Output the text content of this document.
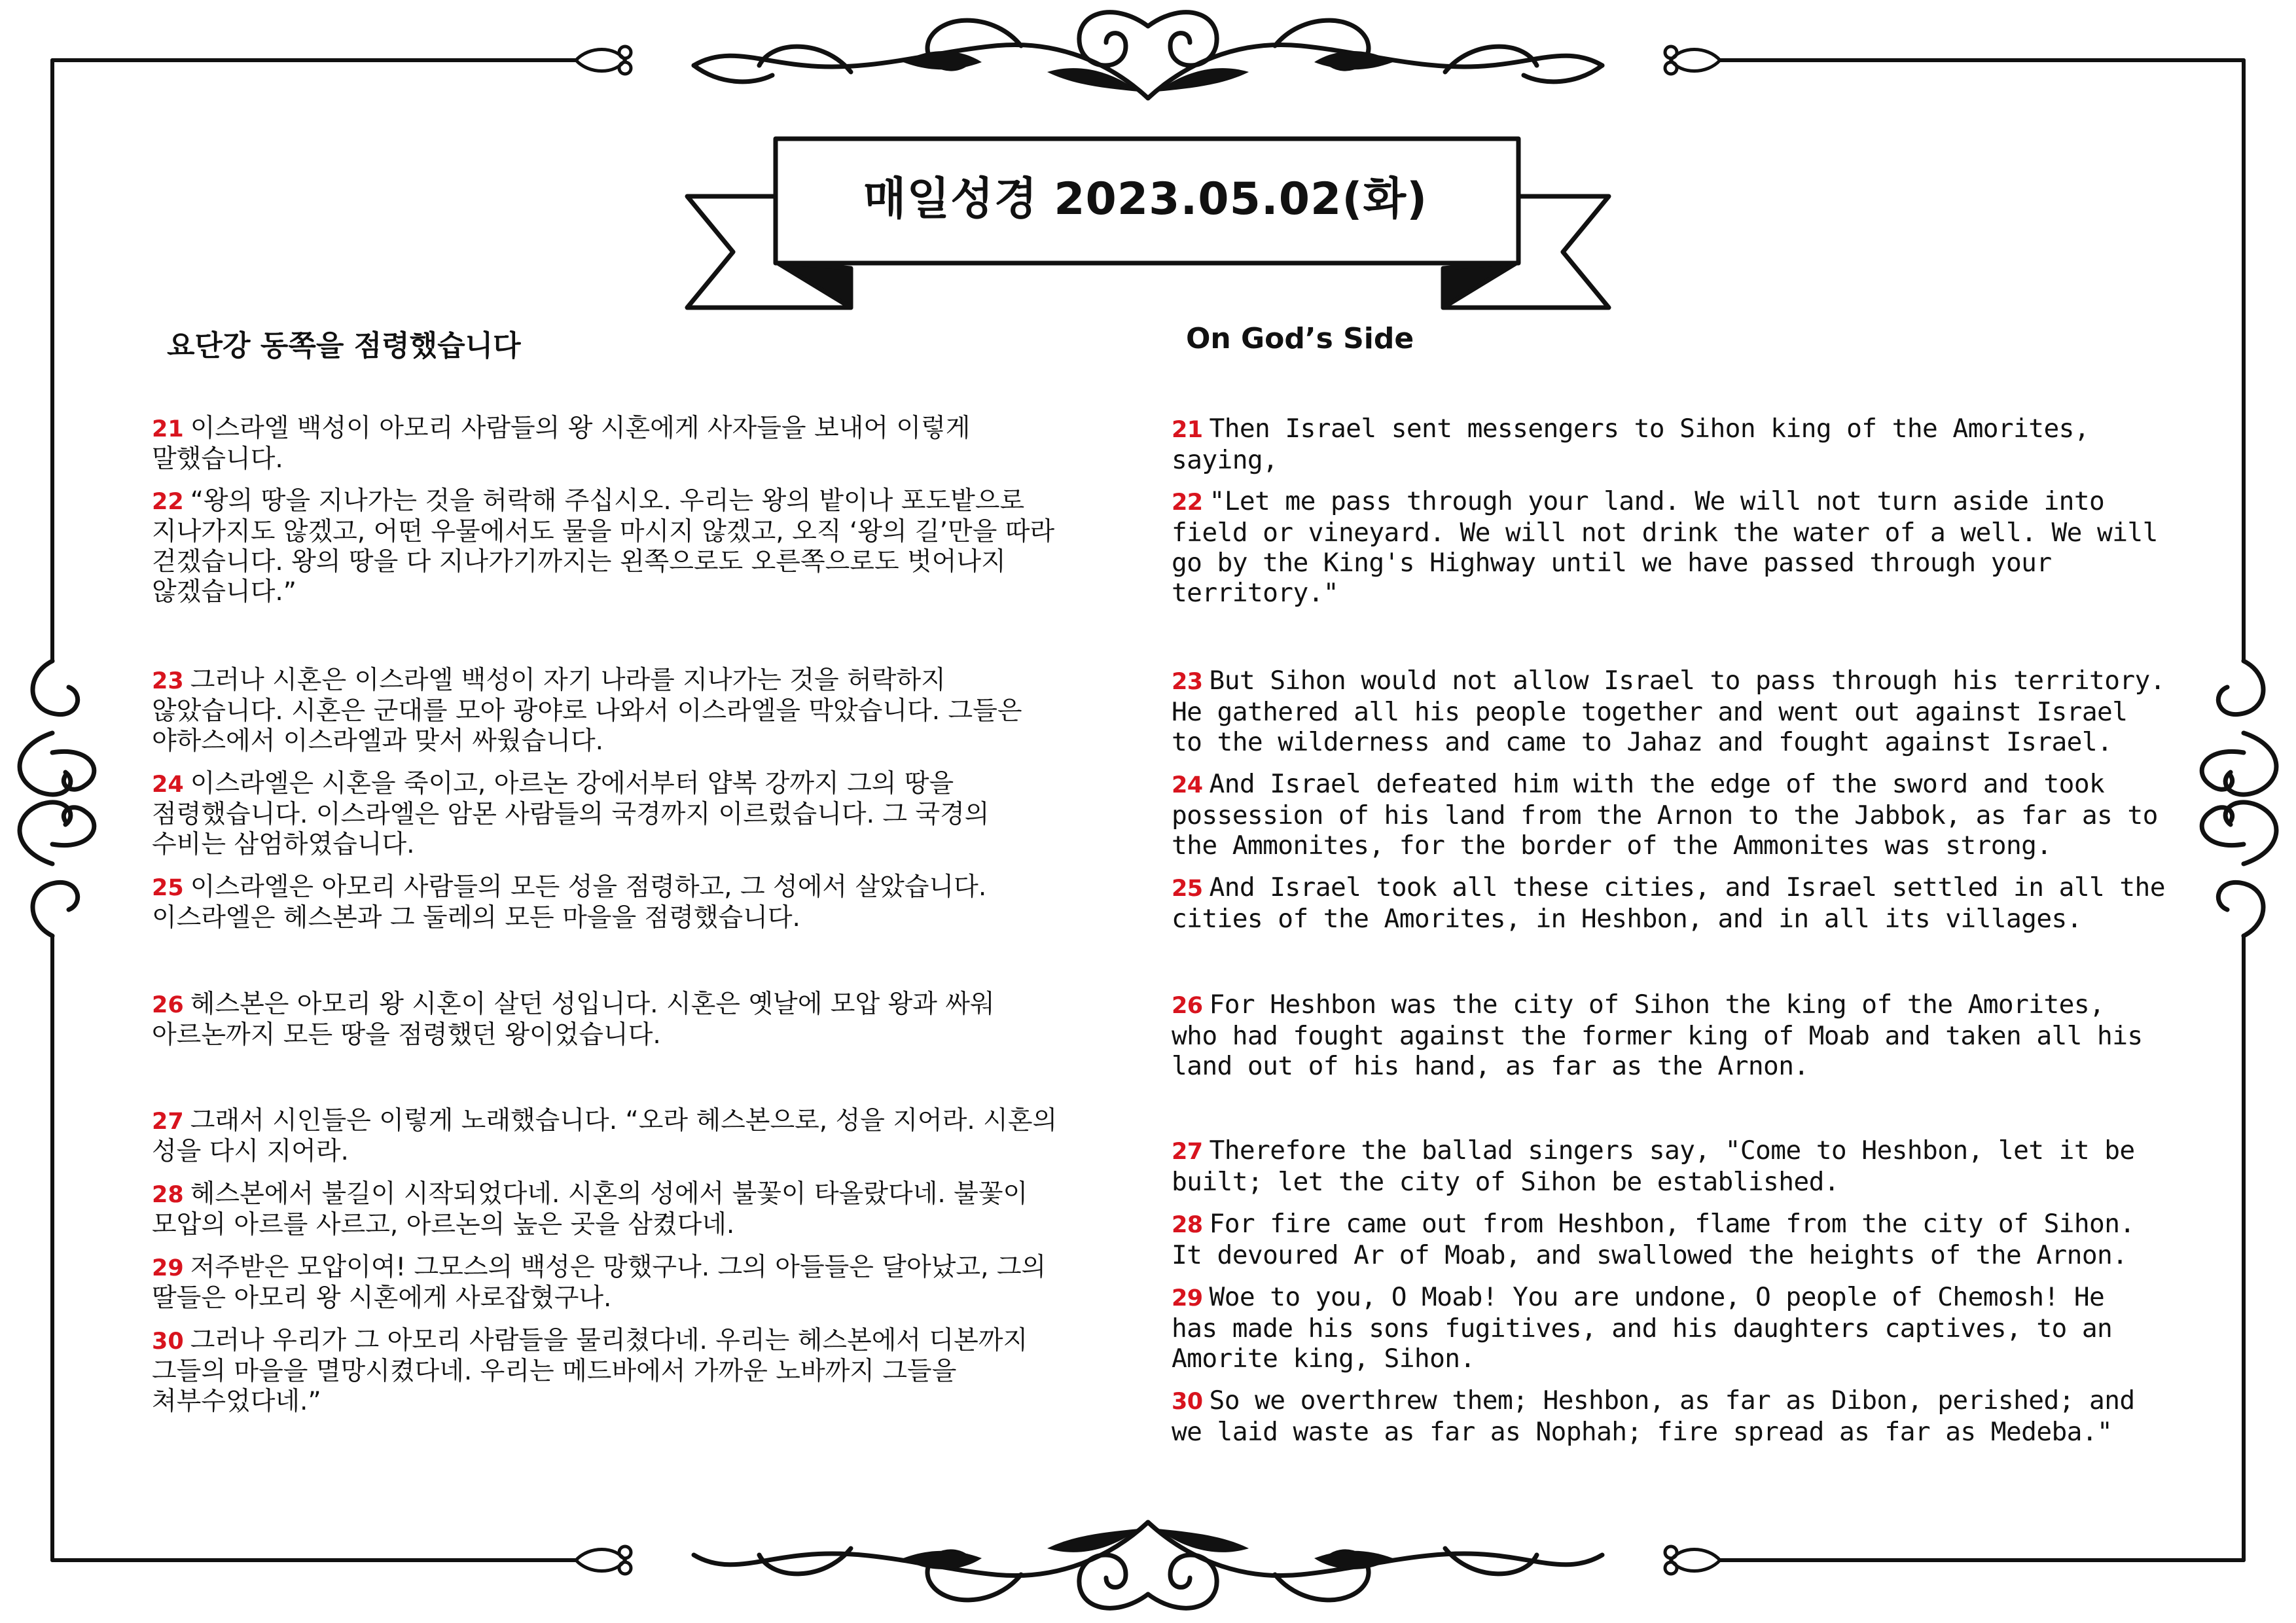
매일성경 2023.05.02(화)
요단강 동쪽을 점령했습니다	On God’s Side

21 이스라엘 백성이 아모리 사람들의 왕 시혼에게 사자들을 보내어 이렇게
말했습니다.

22 “왕의 땅을 지나가는 것을 허락해 주십시오. 우리는 왕의 밭이나 포도밭으로
지나가지도 않겠고, 어떤 우물에서도 물을 마시지 않겠고, 오직 ‘왕의 길’만을 따라
걷겠습니다. 왕의 땅을 다 지나가기까지는 왼쪽으로도 오른쪽으로도 벗어나지
않겠습니다.”

23 그러나 시혼은 이스라엘 백성이 자기 나라를 지나가는 것을 허락하지
않았습니다. 시혼은 군대를 모아 광야로 나와서 이스라엘을 막았습니다. 그들은
야하스에서 이스라엘과 맞서 싸웠습니다.

24 이스라엘은 시혼을 죽이고, 아르논 강에서부터 얍복 강까지 그의 땅을
점령했습니다. 이스라엘은 암몬 사람들의 국경까지 이르렀습니다. 그 국경의
수비는 삼엄하였습니다.

25 이스라엘은 아모리 사람들의 모든 성을 점령하고, 그 성에서 살았습니다.
이스라엘은 헤스본과 그 둘레의 모든 마을을 점령했습니다.

26 헤스본은 아모리 왕 시혼이 살던 성입니다. 시혼은 옛날에 모압 왕과 싸워
아르논까지 모든 땅을 점령했던 왕이었습니다.

27 그래서 시인들은 이렇게 노래했습니다. “오라 헤스본으로, 성을 지어라. 시혼의
성을 다시 지어라.

28 헤스본에서 불길이 시작되었다네. 시혼의 성에서 불꽃이 타올랐다네. 불꽃이
모압의 아르를 사르고, 아르논의 높은 곳을 삼켰다네.

29 저주받은 모압이여! 그모스의 백성은 망했구나. 그의 아들들은 달아났고, 그의
딸들은 아모리 왕 시혼에게 사로잡혔구나.

30 그러나 우리가 그 아모리 사람들을 물리쳤다네. 우리는 헤스본에서 디본까지
그들의 마을을 멸망시켰다네. 우리는 메드바에서 가까운 노바까지 그들을
쳐부수었다네.”

21 Then Israel sent messengers to Sihon king of the Amorites,
saying,

22 "Let me pass through your land. We will not turn aside into
field or vineyard. We will not drink the water of a well. We will
go by the King's Highway until we have passed through your
territory."

23 But Sihon would not allow Israel to pass through his territory.
He gathered all his people together and went out against Israel
to the wilderness and came to Jahaz and fought against Israel.

24 And Israel defeated him with the edge of the sword and took
possession of his land from the Arnon to the Jabbok, as far as to
the Ammonites, for the border of the Ammonites was strong.

25 And Israel took all these cities, and Israel settled in all the
cities of the Amorites, in Heshbon, and in all its villages.

26 For Heshbon was the city of Sihon the king of the Amorites,
who had fought against the former king of Moab and taken all his
land out of his hand, as far as the Arnon.

27 Therefore the ballad singers say, "Come to Heshbon, let it be
built; let the city of Sihon be established.

28 For fire came out from Heshbon, flame from the city of Sihon.
It devoured Ar of Moab, and swallowed the heights of the Arnon.

29 Woe to you, O Moab! You are undone, O people of Chemosh! He
has made his sons fugitives, and his daughters captives, to an
Amorite king, Sihon.

30 So we overthrew them; Heshbon, as far as Dibon, perished; and
we laid waste as far as Nophah; fire spread as far as Medeba."
